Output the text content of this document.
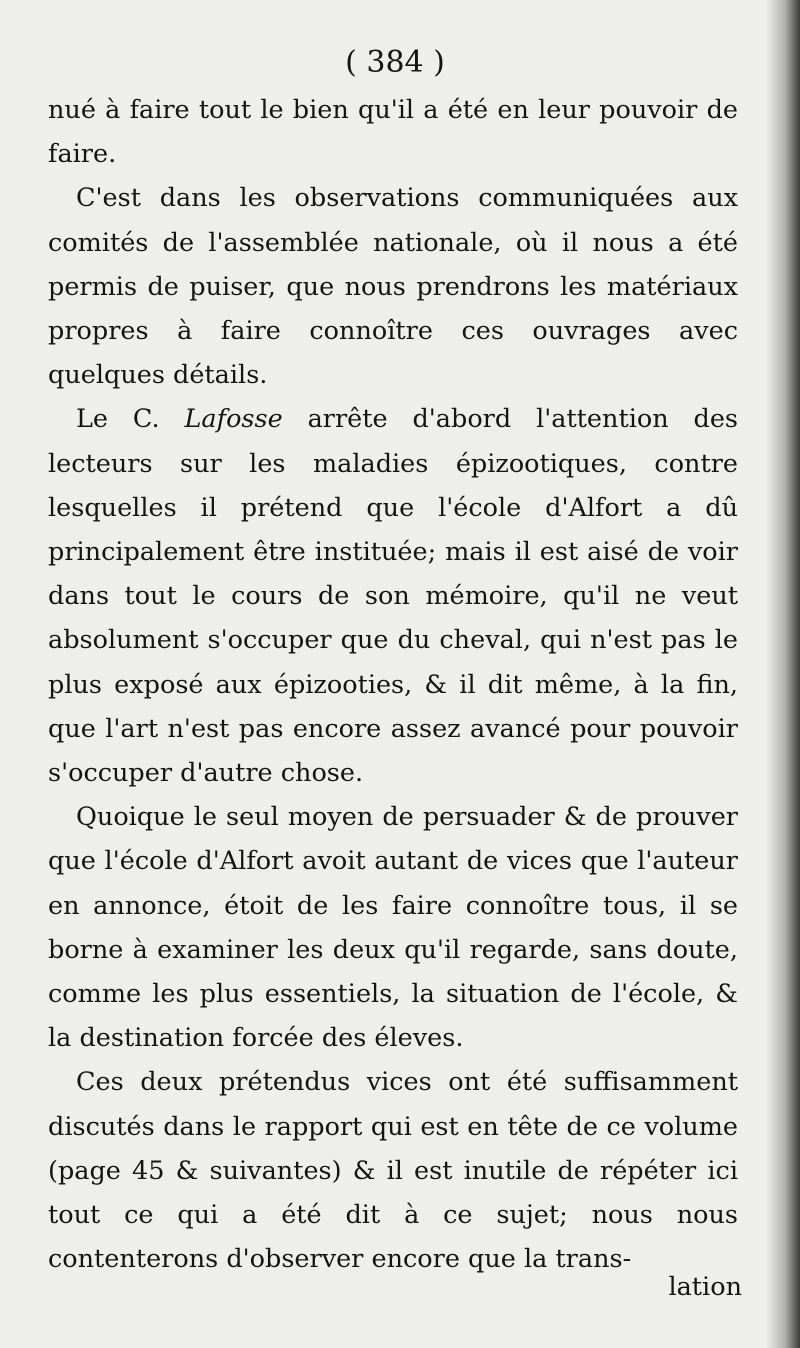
( 384 )

nué à faire tout le bien qu'il a été en leur pouvoir de faire.

C'est dans les observations communiquées aux comités de l'assemblée nationale, où il nous a été permis de puiser, que nous prendrons les matériaux propres à faire connoître ces ouvrages avec quelques détails.

Le C. Lafosse arrête d'abord l'attention des lecteurs sur les maladies épizootiques, contre lesquelles il prétend que l'école d'Alfort a dû principalement être instituée; mais il est aisé de voir dans tout le cours de son mémoire, qu'il ne veut absolument s'occuper que du cheval, qui n'est pas le plus exposé aux épizooties, & il dit même, à la fin, que l'art n'est pas encore assez avancé pour pouvoir s'occuper d'autre chose.

Quoique le seul moyen de persuader & de prouver que l'école d'Alfort avoit autant de vices que l'auteur en annonce, étoit de les faire connoître tous, il se borne à examiner les deux qu'il regarde, sans doute, comme les plus essentiels, la situation de l'école, & la destination forcée des éleves.

Ces deux prétendus vices ont été suffisamment discutés dans le rapport qui est en tête de ce volume (page 45 & suivantes) & il est inutile de répéter ici tout ce qui a été dit à ce sujet; nous nous contenterons d'observer encore que la trans-

lation
